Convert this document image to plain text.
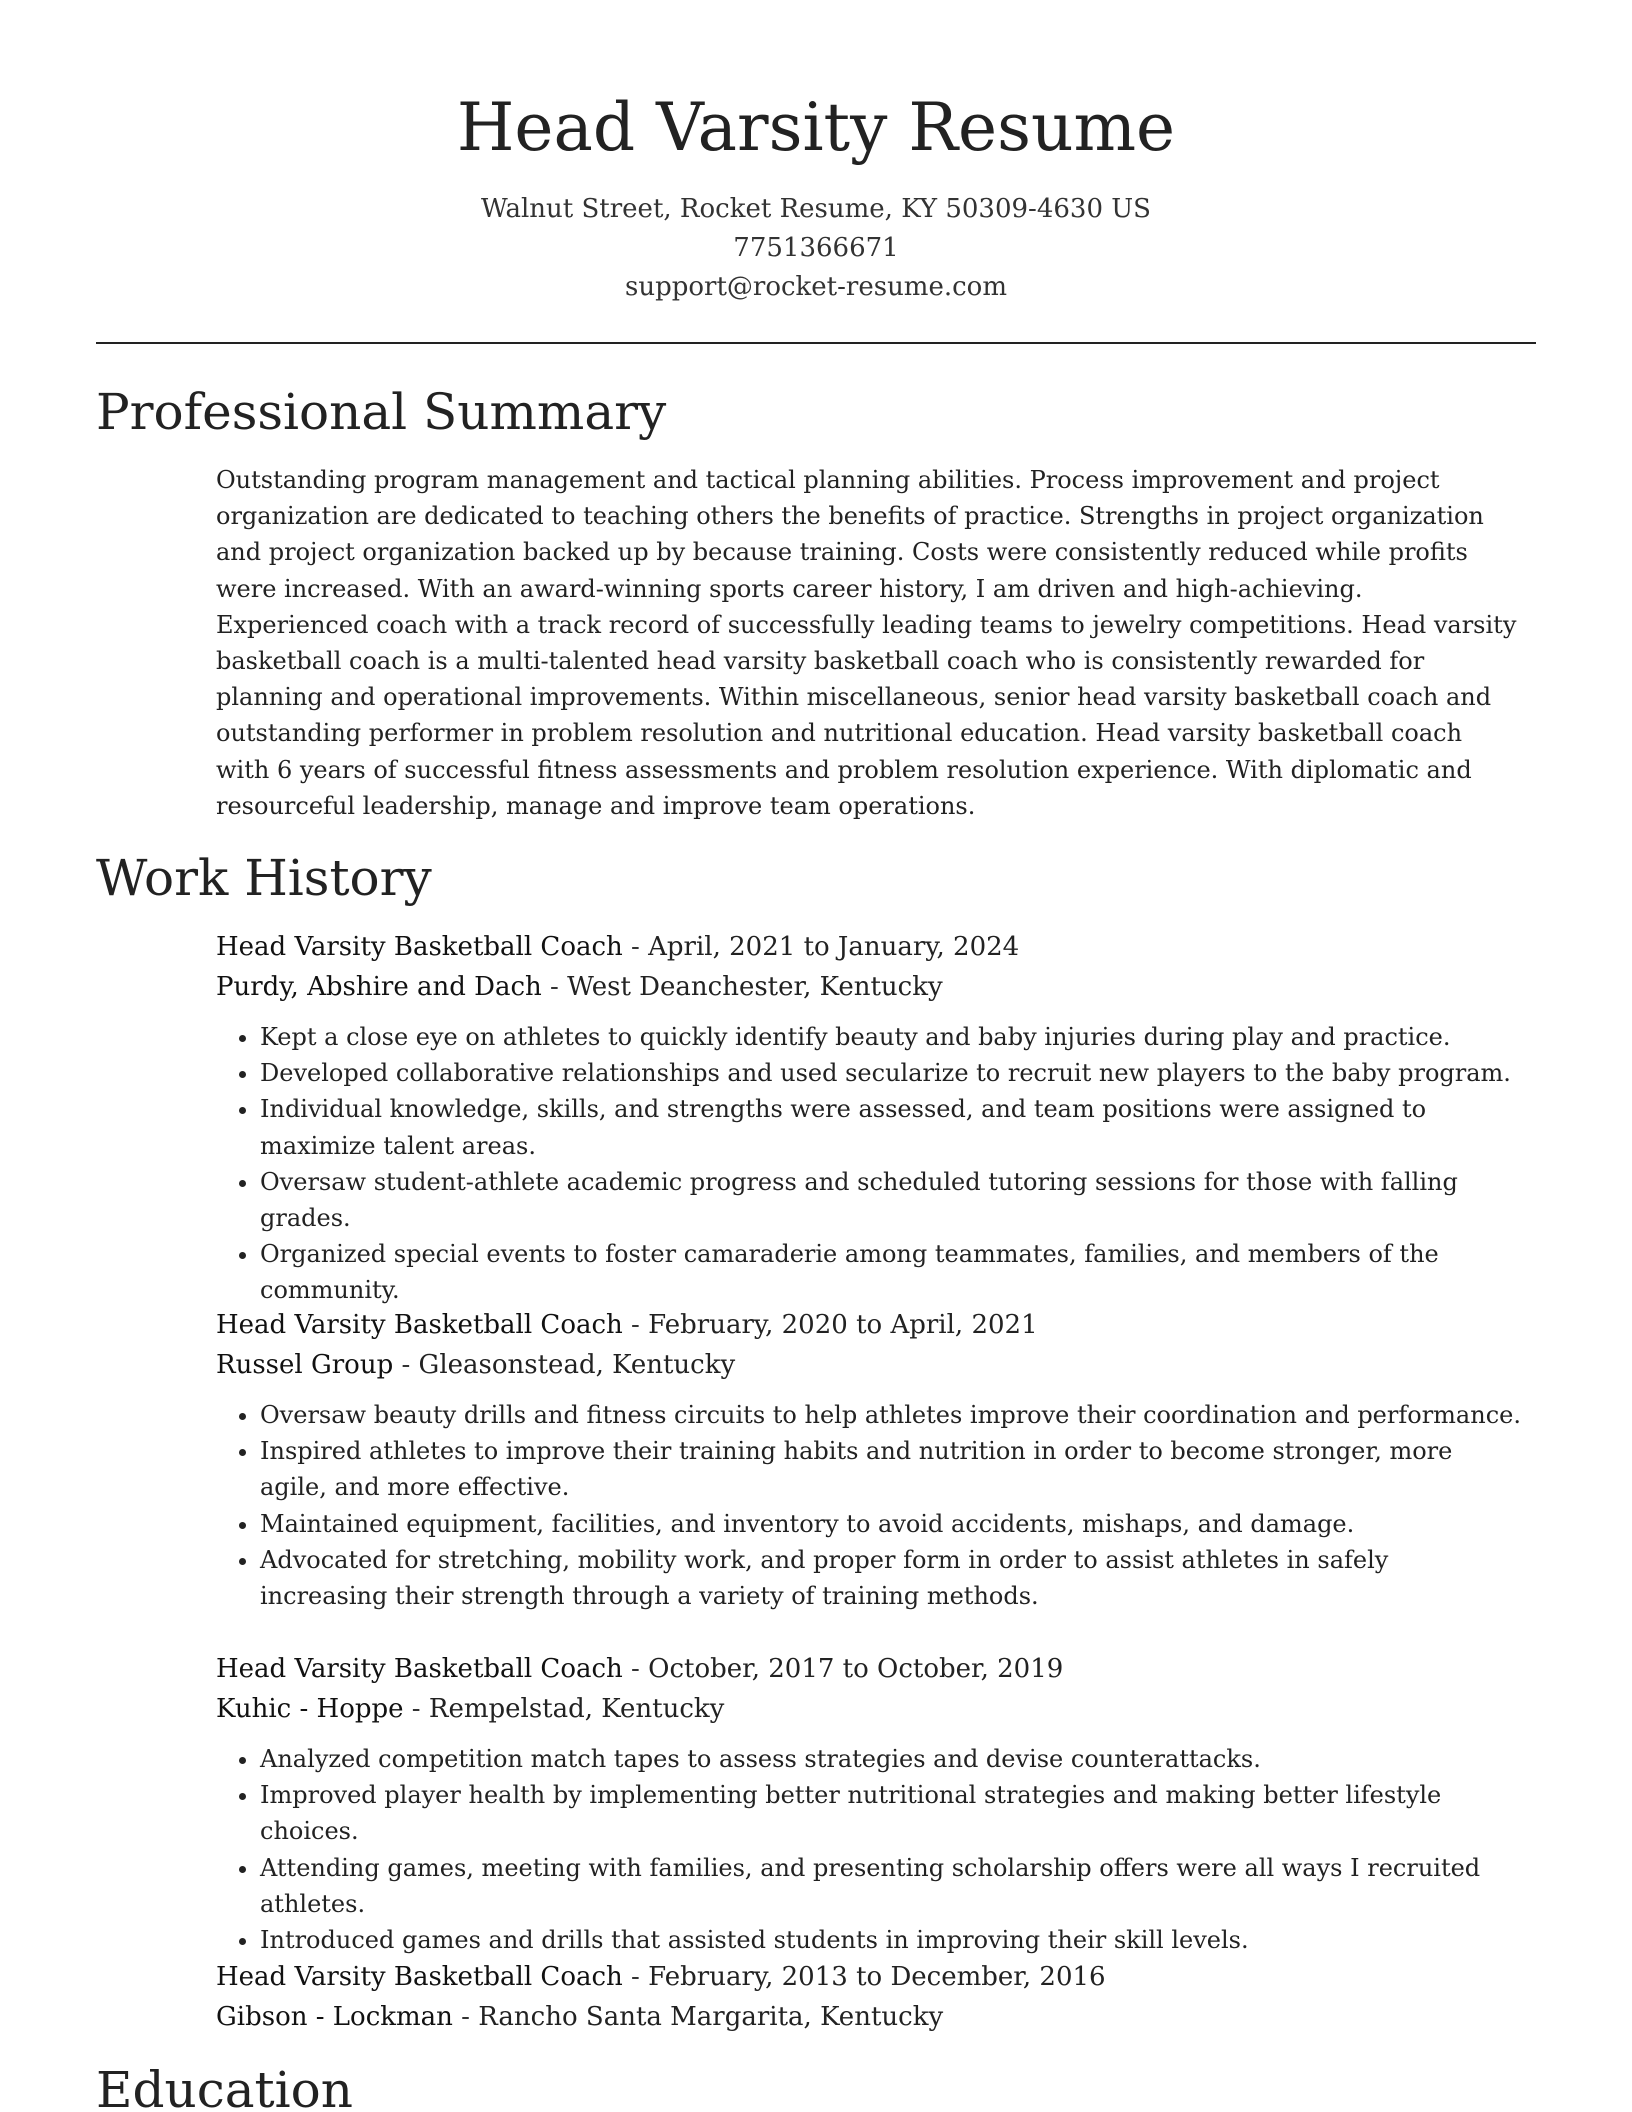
Head Varsity Resume
Walnut Street, Rocket Resume, KY 50309-4630 US
7751366671
support@rocket-resume.com
Professional Summary

Outstanding program management and tactical planning abilities. Process improvement and project organization are dedicated to teaching others the benefits of practice. Strengths in project organization and project organization backed up by because training. Costs were consistently reduced while profits were increased. With an award-winning sports career history, I am driven and high-achieving. Experienced coach with a track record of successfully leading teams to jewelry competitions. Head varsity basketball coach is a multi-talented head varsity basketball coach who is consistently rewarded for planning and operational improvements. Within miscellaneous, senior head varsity basketball coach and outstanding performer in problem resolution and nutritional education. Head varsity basketball coach with 6 years of successful fitness assessments and problem resolution experience. With diplomatic and resourceful leadership, manage and improve team operations.

Work History

Head Varsity Basketball Coach - April, 2021 to January, 2024

Purdy, Abshire and Dach - West Deanchester, Kentucky

• Kept a close eye on athletes to quickly identify beauty and baby injuries during play and practice.
• Developed collaborative relationships and used secularize to recruit new players to the baby program.
• Individual knowledge, skills, and strengths were assessed, and team positions were assigned to maximize talent areas.
• Oversaw student-athlete academic progress and scheduled tutoring sessions for those with falling grades.
• Organized special events to foster camaraderie among teammates, families, and members of the community.

Head Varsity Basketball Coach - February, 2020 to April, 2021

Russel Group - Gleasonstead, Kentucky

• Oversaw beauty drills and fitness circuits to help athletes improve their coordination and performance.
• Inspired athletes to improve their training habits and nutrition in order to become stronger, more agile, and more effective.
• Maintained equipment, facilities, and inventory to avoid accidents, mishaps, and damage.
• Advocated for stretching, mobility work, and proper form in order to assist athletes in safely increasing their strength through a variety of training methods.

Head Varsity Basketball Coach - October, 2017 to October, 2019

Kuhic - Hoppe - Rempelstad, Kentucky

• Analyzed competition match tapes to assess strategies and devise counterattacks.
• Improved player health by implementing better nutritional strategies and making better lifestyle choices.
• Attending games, meeting with families, and presenting scholarship offers were all ways I recruited athletes.
• Introduced games and drills that assisted students in improving their skill levels.

Head Varsity Basketball Coach - February, 2013 to December, 2016

Gibson - Lockman - Rancho Santa Margarita, Kentucky

Education
